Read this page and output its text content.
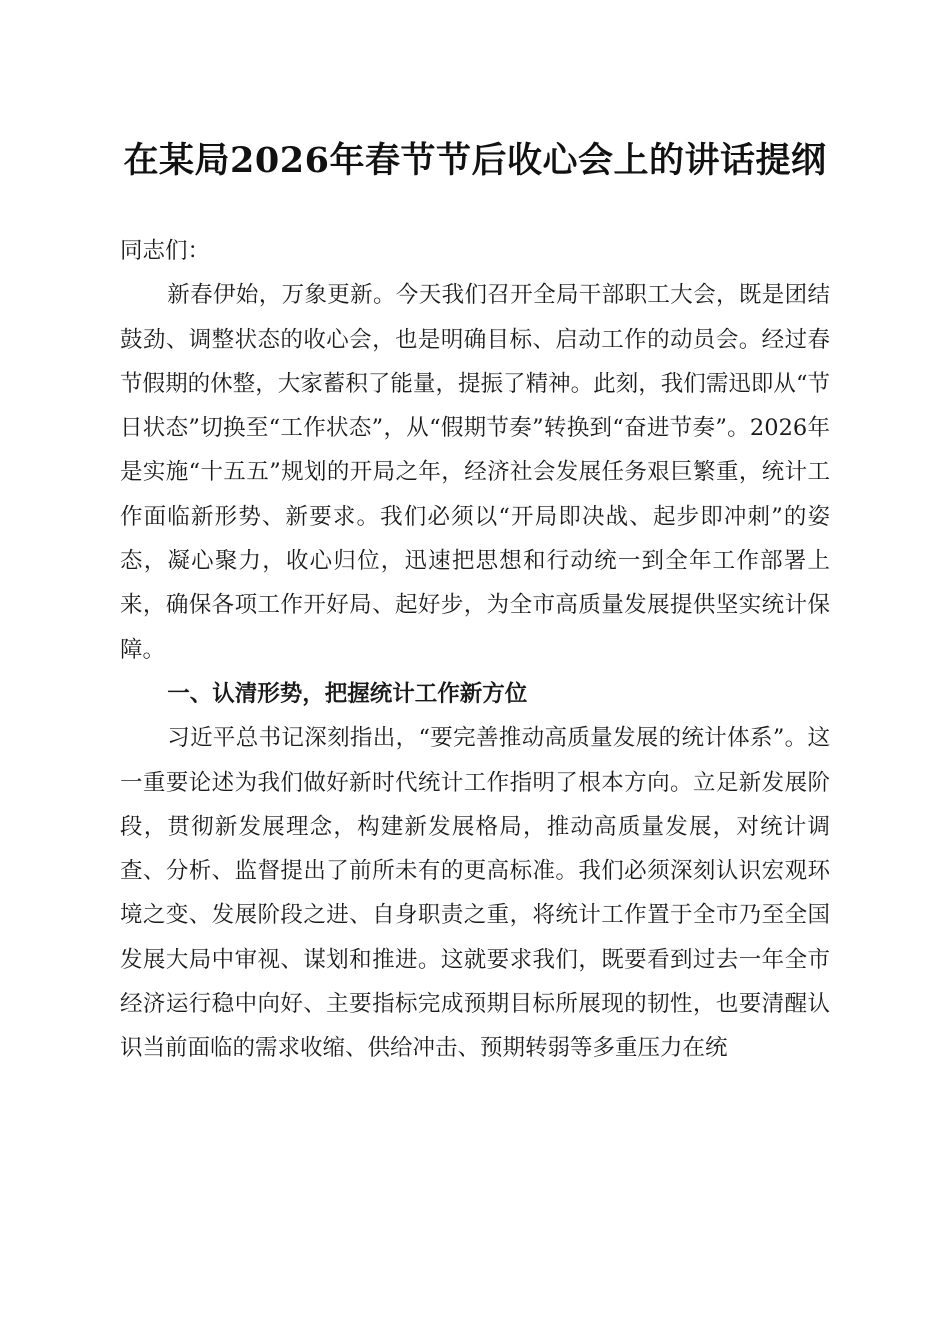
在某局2026年春节节后收心会上的讲话提纲

同志们：

新春伊始，万象更新。今天我们召开全局干部职工大会，既是团结鼓劲、调整状态的收心会，也是明确目标、启动工作的动员会。经过春节假期的休整，大家蓄积了能量，提振了精神。此刻，我们需迅即从“节日状态”切换至“工作状态”，从“假期节奏”转换到“奋进节奏”。2026年是实施“十五五”规划的开局之年，经济社会发展任务艰巨繁重，统计工作面临新形势、新要求。我们必须以“开局即决战、起步即冲刺”的姿态，凝心聚力，收心归位，迅速把思想和行动统一到全年工作部署上来，确保各项工作开好局、起好步，为全市高质量发展提供坚实统计保障。

一、认清形势，把握统计工作新方位

习近平总书记深刻指出，“要完善推动高质量发展的统计体系”。这一重要论述为我们做好新时代统计工作指明了根本方向。立足新发展阶段，贯彻新发展理念，构建新发展格局，推动高质量发展，对统计调查、分析、监督提出了前所未有的更高标准。我们必须深刻认识宏观环境之变、发展阶段之进、自身职责之重，将统计工作置于全市乃至全国发展大局中审视、谋划和推进。这就要求我们，既要看到过去一年全市经济运行稳中向好、主要指标完成预期目标所展现的韧性，也要清醒认识当前面临的需求收缩、供给冲击、预期转弱等多重压力在统
